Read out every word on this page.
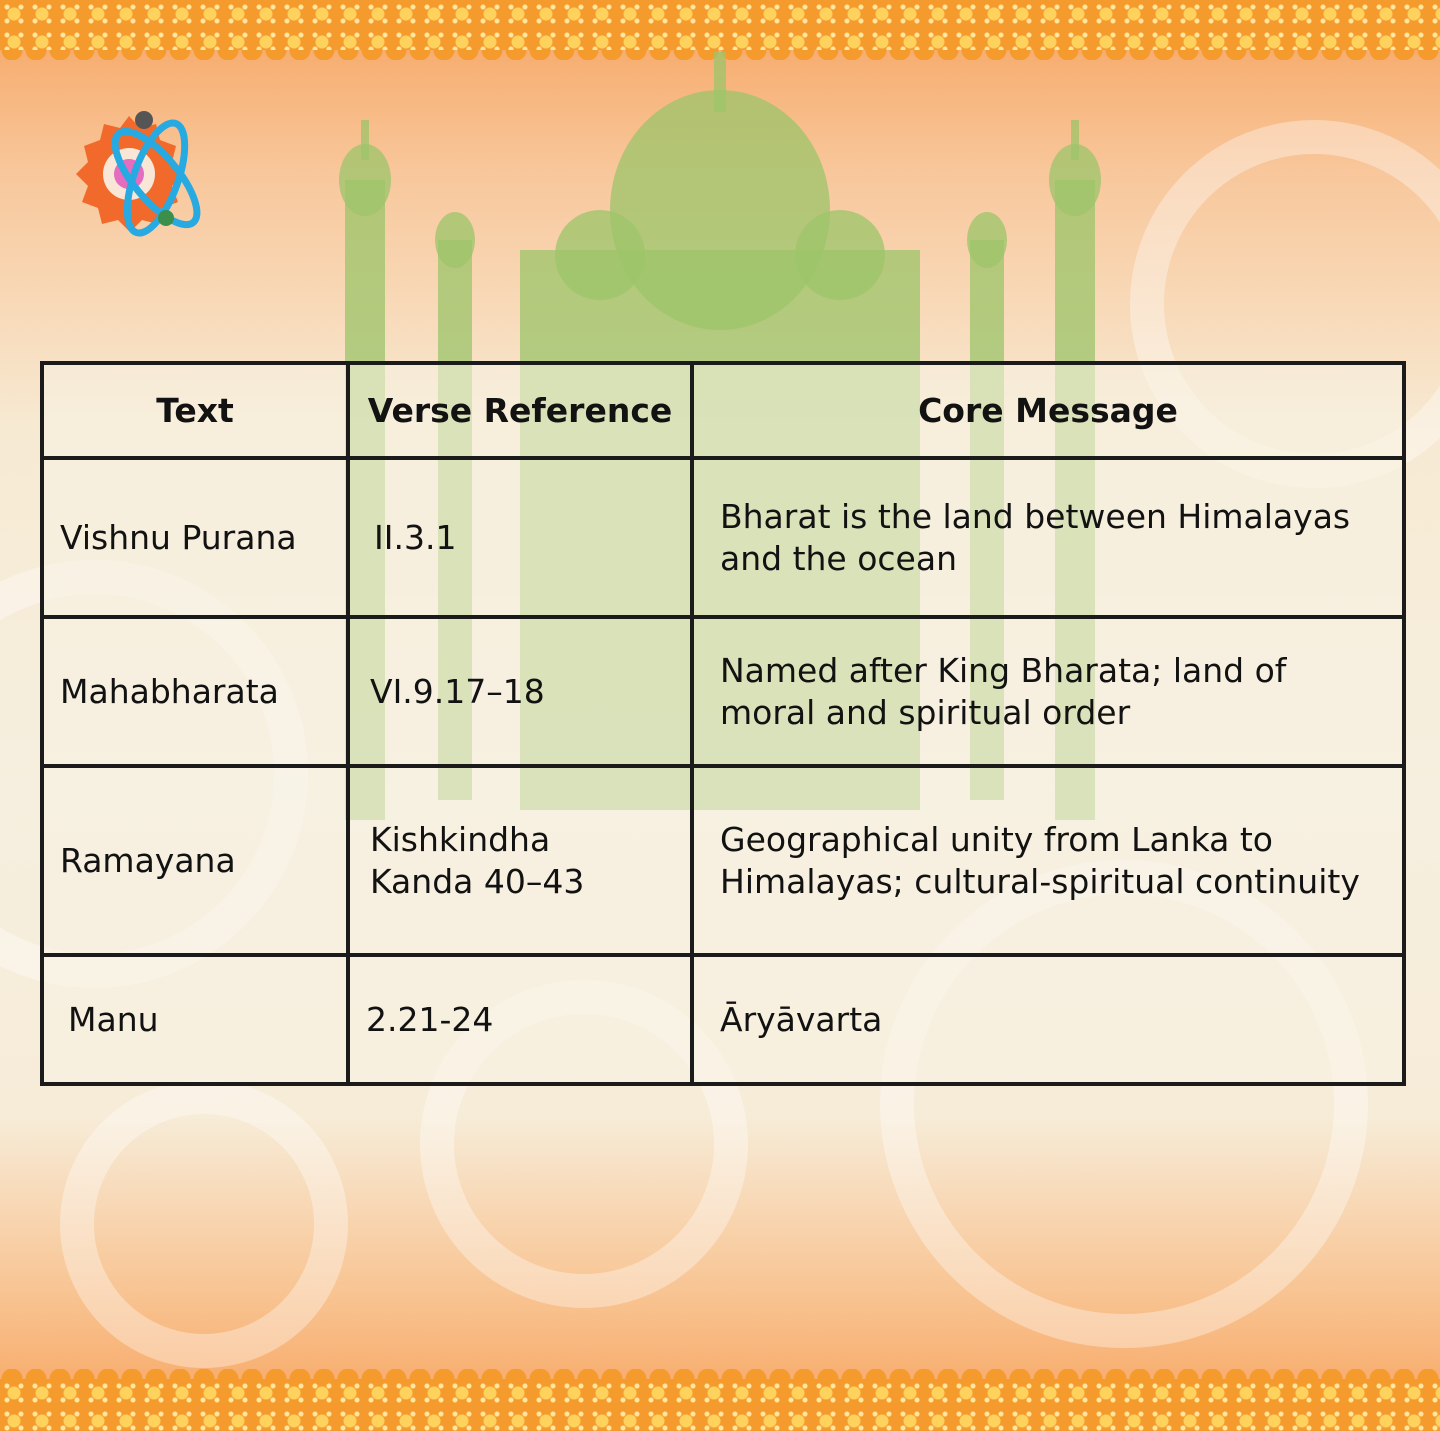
Text	Verse Reference	Core Message
Vishnu Purana	II.3.1	Bharat is the land between Himalayas and the ocean
Mahabharata	VI.9.17–18	Named after King Bharata; land of moral and spiritual order
Ramayana	Kishkindha Kanda 40–43	Geographical unity from Lanka to Himalayas; cultural-spiritual continuity
Manu	2.21-24	Āryāvarta
